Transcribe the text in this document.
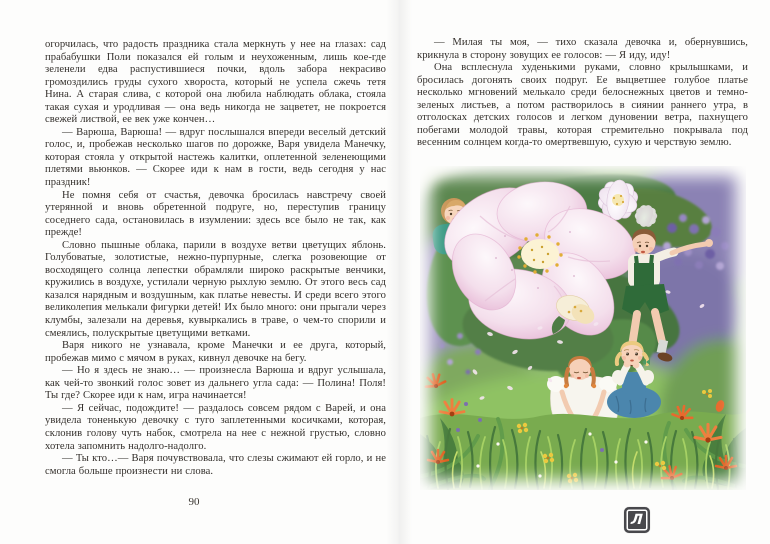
огорчилась, что радость праздника стала меркнуть у нее на глазах: сад прабабушки Поли показался ей голым и неухоженным, лишь кое-где зеленели едва распустившиеся почки, вдоль забора некрасиво громоздились груды сухого хвороста, который не успела сжечь тетя Нина. А старая слива, с которой она любила наблюдать облака, стояла такая сухая и уродливая — она ведь никогда не зацветет, не покроется свежей листвой, ее век уже кончен…

— Варюша, Варюша! — вдруг послышался впереди веселый детский голос, и, пробежав несколько шагов по дорожке, Варя увидела Манечку, которая стояла у открытой настежь калитки, оплетенной зеленеющими плетями вьюнков. — Скорее иди к нам в гости, ведь сегодня у нас праздник!

Не помня себя от счастья, девочка бросилась навстречу своей утерянной и вновь обретенной подруге, но, переступив границу соседнего сада, остановилась в изумлении: здесь все было не так, как прежде!

Словно пышные облака, парили в воздухе ветви цветущих яблонь. Голубоватые, золотистые, нежно-пурпурные, слегка розовеющие от восходящего солнца лепестки обрамляли широко раскрытые венчики, кружились в воздухе, устилали черную рыхлую землю. От этого весь сад казался нарядным и воздушным, как платье невесты. И среди всего этого великолепия мелькали фигурки детей! Их было много: они прыгали через клумбы, залезали на деревья, кувыркались в траве, о чем-то спорили и смеялись, полускрытые цветущими ветками.

Варя никого не узнавала, кроме Манечки и ее друга, который, пробежав мимо с мячом в руках, кивнул девочке на бегу.

— Но я здесь не знаю… — произнесла Варюша и вдруг услышала, как чей-то звонкий голос зовет из дальнего угла сада: — Полина! Поля! Ты где? Скорее иди к нам, игра начинается!

— Я сейчас, подождите! — раздалось совсем рядом с Варей, и она увидела тоненькую девочку с туго заплетенными косичками, которая, склонив голову чуть набок, смотрела на нее с нежной грустью, словно хотела запомнить надолго-надолго.

— Ты кто…— Варя почувствовала, что слезы сжимают ей горло, и не смогла больше произнести ни слова.

90

— Милая ты моя, — тихо сказала девочка и, обернувшись, крикнула в сторону зовущих ее голосов: — Я иду, иду!

Она всплеснула худенькими руками, словно крылышками, и бросилась догонять своих подруг. Ее выцветшее голубое платье несколько мгновений мелькало среди белоснежных цветов и темно-зеленых листьев, а потом растворилось в сиянии раннего утра, в отголосках детских голосов и легком дуновении ветра, пахнущего побегами молодой травы, которая стремительно покрывала под весенним солнцем когда-то омертвевшую, сухую и черствую землю.

Л
